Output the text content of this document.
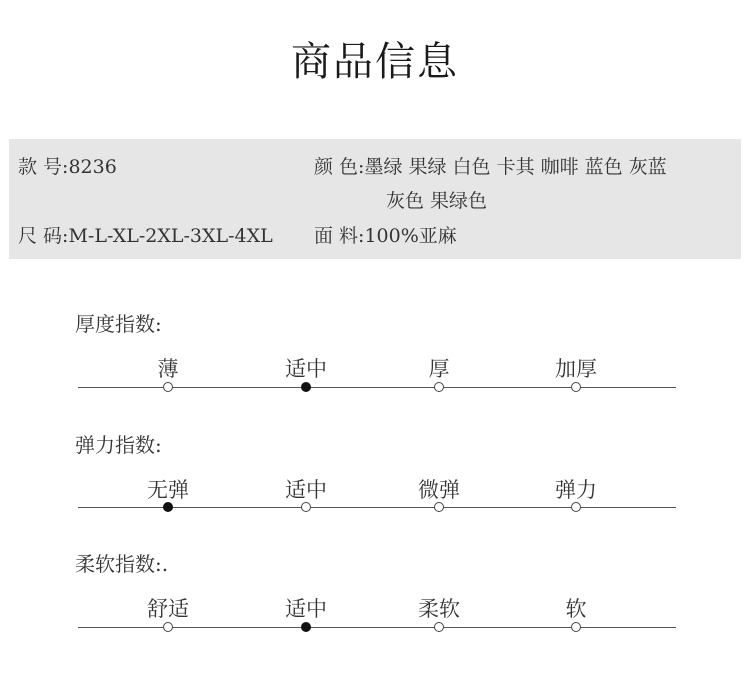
商品信息
款 号:8236	颜 色:墨绿 果绿 白色 卡其 咖啡 蓝色 灰蓝
灰色 果绿色
尺 码:M-L-XL-2XL-3XL-4XL 面 料:100%亚麻
厚度指数:
薄	适中	厚	加厚
弹力指数:
无弹	适中	微弹	弹力
柔软指数:.
舒适	适中	柔软	软
